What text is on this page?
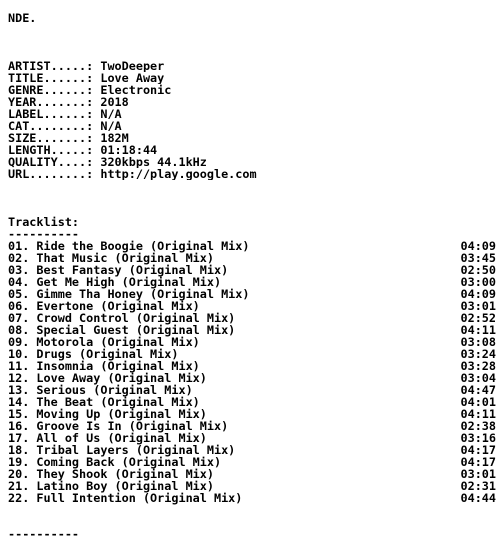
NDE.
ARTIST.....: TwoDeeper
TITLE......: Love Away
GENRE......: Electronic
YEAR.......: 2018
LABEL......: N/A
CAT........: N/A
SIZE.......: 182M
LENGTH.....: 01:18:44
QUALITY....: 320kbps 44.1kHz
URL........: http://play.google.com
Tracklist:
----------
01. Ride the Boogie (Original Mix)	04:09
02. That Music (Original Mix)	03:45
03. Best Fantasy (Original Mix)	02:50
04. Get Me High (Original Mix)	03:00
05. Gimme Tha Honey (Original Mix)	04:09
06. Evertone (Original Mix)	03:01
07. Crowd Control (Original Mix)	02:52
08. Special Guest (Original Mix)	04:11
09. Motorola (Original Mix)	03:08
10. Drugs (Original Mix)	03:24
11. Insomnia (Original Mix)	03:28
12. Love Away (Original Mix)	03:04
13. Serious (Original Mix)	04:47
14. The Beat (Original Mix)	04:01
15. Moving Up (Original Mix)	04:11
16. Groove Is In (Original Mix)	02:38
17. All of Us (Original Mix)	03:16
18. Tribal Layers (Original Mix)	04:17
19. Coming Back (Original Mix)	04:17
20. They Shook (Original Mix)	03:01
21. Latino Boy (Original Mix)	02:31
22. Full Intention (Original Mix)	04:44
----------
